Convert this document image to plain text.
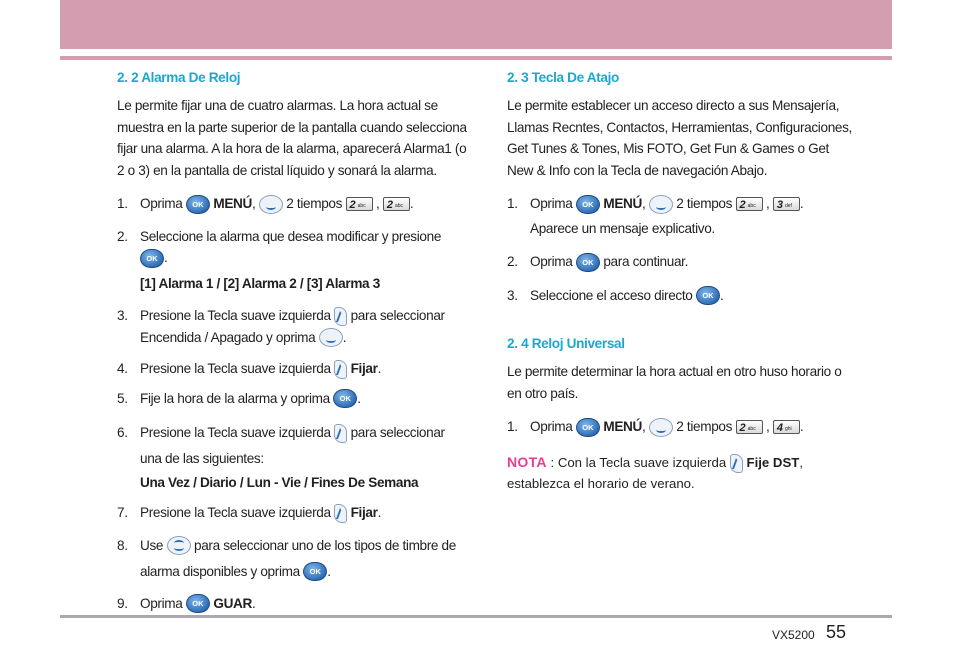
2. 2 Alarma De Reloj

Le permite fijar una de cuatro alarmas. La hora actual se muestra en la parte superior de la pantalla cuando selecciona fijar una alarma. A la hora de la alarma, aparecerá Alarma1 (o 2 o 3) en la pantalla de cristal líquido y sonará la alarma.

1. Oprima OK MENÚ, 2 tiempos 2 abc , 2 abc .
2. Seleccione la alarma que desea modificar y presione OK .
[1] Alarma 1 / [2] Alarma 2 / [3] Alarma 3
3. Presione la Tecla suave izquierda para seleccionar Encendida / Apagado y oprima .
4. Presione la Tecla suave izquierda Fijar.
5. Fije la hora de la alarma y oprima OK .
6. Presione la Tecla suave izquierda para seleccionar una de las siguientes:
Una Vez / Diario / Lun - Vie / Fines De Semana
7. Presione la Tecla suave izquierda Fijar.
8. Use para seleccionar uno de los tipos de timbre de alarma disponibles y oprima OK .
9. Oprima OK GUAR.
2. 3 Tecla De Atajo

Le permite establecer un acceso directo a sus Mensajería, Llamas Recntes, Contactos, Herramientas, Configuraciones, Get Tunes & Tones, Mis FOTO, Get Fun & Games o Get New & Info con la Tecla de navegación Abajo.

1. Oprima OK MENÚ, 2 tiempos 2 abc , 3 def .
Aparece un mensaje explicativo.
2. Oprima OK para continuar.
3. Seleccione el acceso directo OK .
2. 4 Reloj Universal

Le permite determinar la hora actual en otro huso horario o en otro país.

1. Oprima OK MENÚ, 2 tiempos 2 abc , 4 ghi .
NOTA : Con la Tecla suave izquierda Fije DST, establezca el horario de verano.
VX5200 55
